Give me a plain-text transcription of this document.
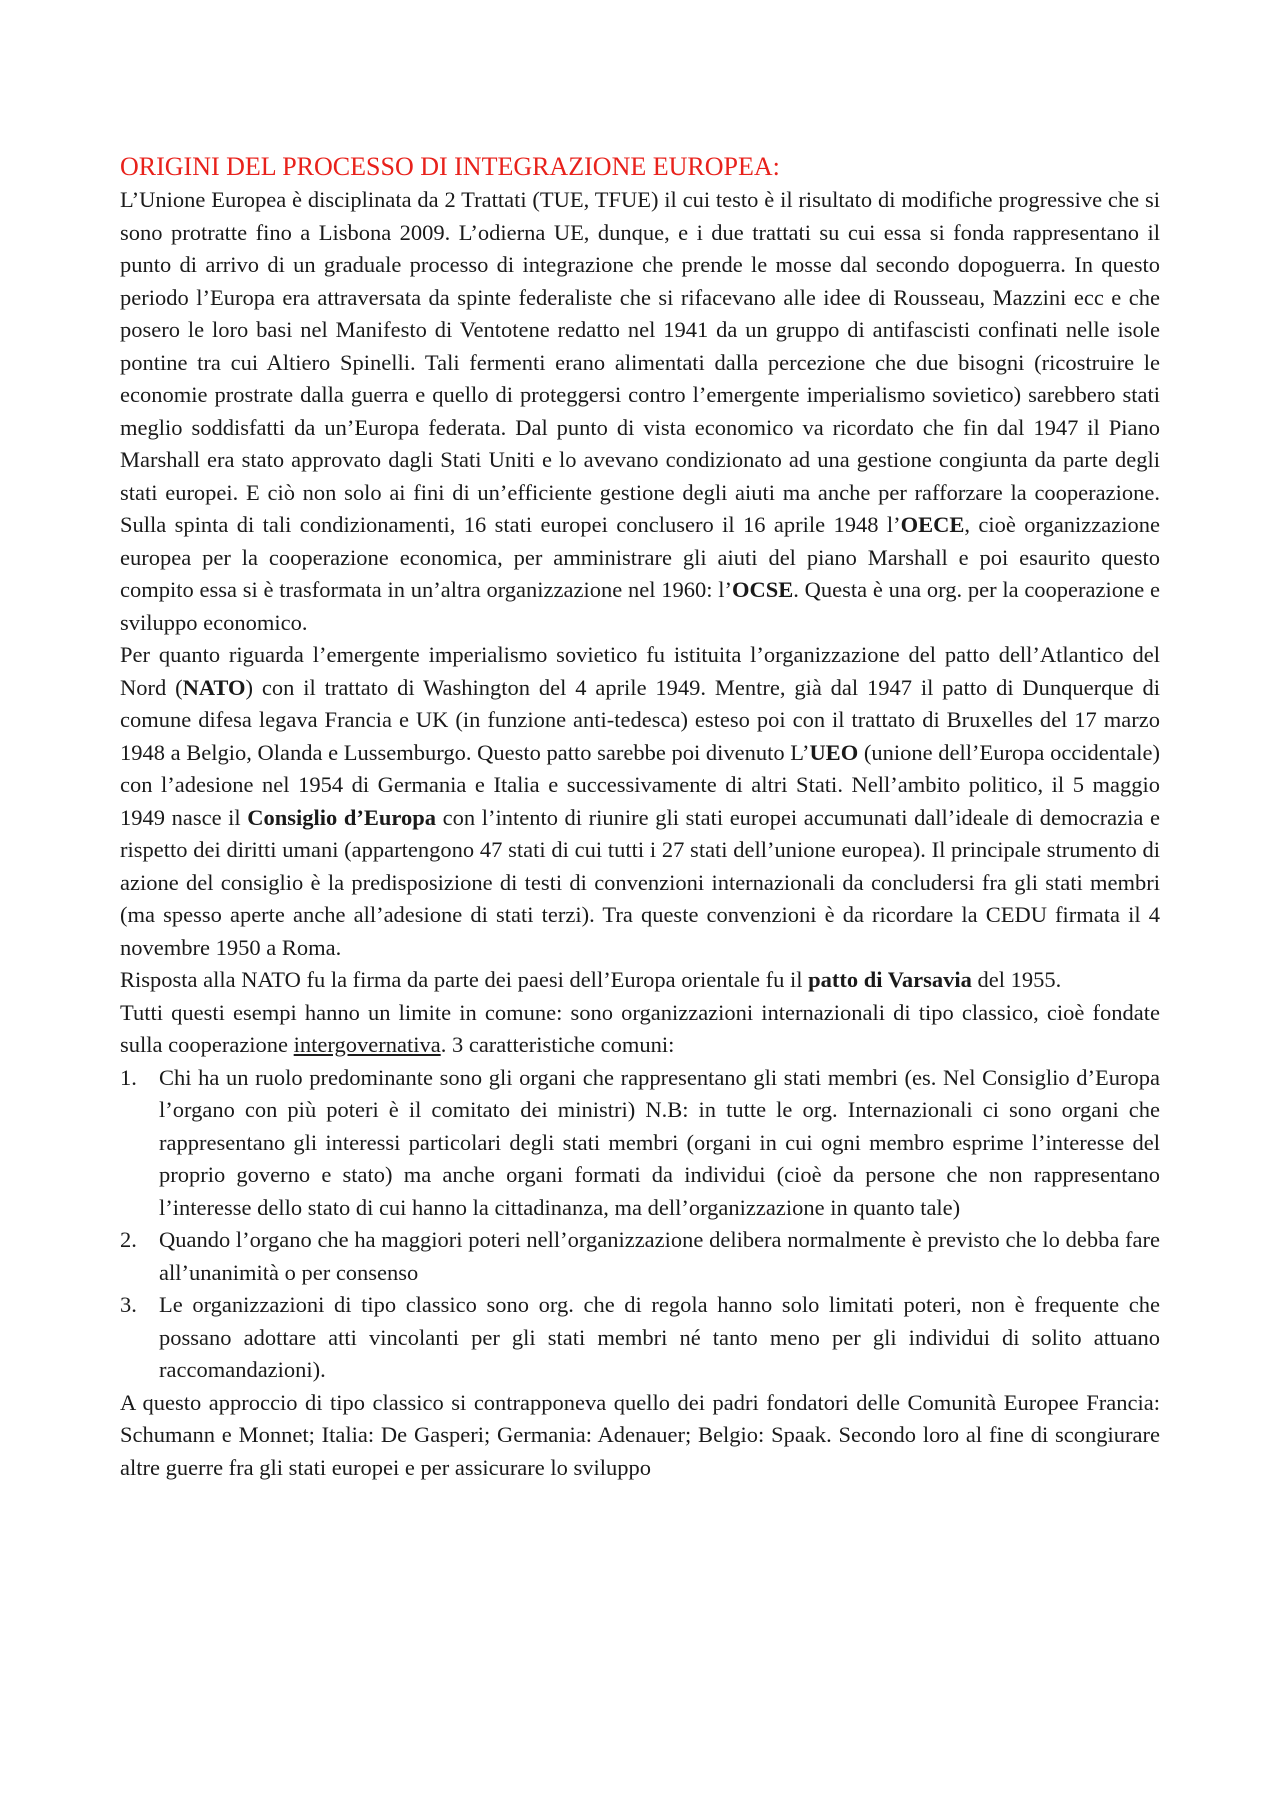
ORIGINI DEL PROCESSO DI INTEGRAZIONE EUROPEA:

L’Unione Europea è disciplinata da 2 Trattati (TUE, TFUE) il cui testo è il risultato di modifiche progressive che si sono protratte fino a Lisbona 2009. L’odierna UE, dunque, e i due trattati su cui essa si fonda rappresentano il punto di arrivo di un graduale processo di integrazione che prende le mosse dal secondo dopoguerra. In questo periodo l’Europa era attraversata da spinte federaliste che si rifacevano alle idee di Rousseau, Mazzini ecc e che posero le loro basi nel Manifesto di Ventotene redatto nel 1941 da un gruppo di antifascisti confinati nelle isole pontine tra cui Altiero Spinelli. Tali fermenti erano alimentati dalla percezione che due bisogni (ricostruire le economie prostrate dalla guerra e quello di proteggersi contro l’emergente imperialismo sovietico) sarebbero stati meglio soddisfatti da un’Europa federata. Dal punto di vista economico va ricordato che fin dal 1947 il Piano Marshall era stato approvato dagli Stati Uniti e lo avevano condizionato ad una gestione congiunta da parte degli stati europei. E ciò non solo ai fini di un’efficiente gestione degli aiuti ma anche per rafforzare la cooperazione. Sulla spinta di tali condizionamenti, 16 stati europei conclusero il 16 aprile 1948 l’OECE, cioè organizzazione europea per la cooperazione economica, per amministrare gli aiuti del piano Marshall e poi esaurito questo compito essa si è trasformata in un’altra organizzazione nel 1960: l’OCSE. Questa è una org. per la cooperazione e sviluppo economico.

Per quanto riguarda l’emergente imperialismo sovietico fu istituita l’organizzazione del patto dell’Atlantico del Nord (NATO) con il trattato di Washington del 4 aprile 1949. Mentre, già dal 1947 il patto di Dunquerque di comune difesa legava Francia e UK (in funzione anti-tedesca) esteso poi con il trattato di Bruxelles del 17 marzo 1948 a Belgio, Olanda e Lussemburgo. Questo patto sarebbe poi divenuto L’UEO (unione dell’Europa occidentale) con l’adesione nel 1954 di Germania e Italia e successivamente di altri Stati. Nell’ambito politico, il 5 maggio 1949 nasce il Consiglio d’Europa con l’intento di riunire gli stati europei accumunati dall’ideale di democrazia e rispetto dei diritti umani (appartengono 47 stati di cui tutti i 27 stati dell’unione europea). Il principale strumento di azione del consiglio è la predisposizione di testi di convenzioni internazionali da concludersi fra gli stati membri (ma spesso aperte anche all’adesione di stati terzi). Tra queste convenzioni è da ricordare la CEDU firmata il 4 novembre 1950 a Roma.

Risposta alla NATO fu la firma da parte dei paesi dell’Europa orientale fu il patto di Varsavia del 1955.

Tutti questi esempi hanno un limite in comune: sono organizzazioni internazionali di tipo classico, cioè fondate sulla cooperazione intergovernativa. 3 caratteristiche comuni:

1. Chi ha un ruolo predominante sono gli organi che rappresentano gli stati membri (es. Nel Consiglio d’Europa l’organo con più poteri è il comitato dei ministri) N.B: in tutte le org. Internazionali ci sono organi che rappresentano gli interessi particolari degli stati membri (organi in cui ogni membro esprime l’interesse del proprio governo e stato) ma anche organi formati da individui (cioè da persone che non rappresentano l’interesse dello stato di cui hanno la cittadinanza, ma dell’organizzazione in quanto tale)
2. Quando l’organo che ha maggiori poteri nell’organizzazione delibera normalmente è previsto che lo debba fare all’unanimità o per consenso
3. Le organizzazioni di tipo classico sono org. che di regola hanno solo limitati poteri, non è frequente che possano adottare atti vincolanti per gli stati membri né tanto meno per gli individui di solito attuano raccomandazioni).

A questo approccio di tipo classico si contrapponeva quello dei padri fondatori delle Comunità Europee Francia: Schumann e Monnet; Italia: De Gasperi; Germania: Adenauer; Belgio: Spaak. Secondo loro al fine di scongiurare altre guerre fra gli stati europei e per assicurare lo sviluppo
